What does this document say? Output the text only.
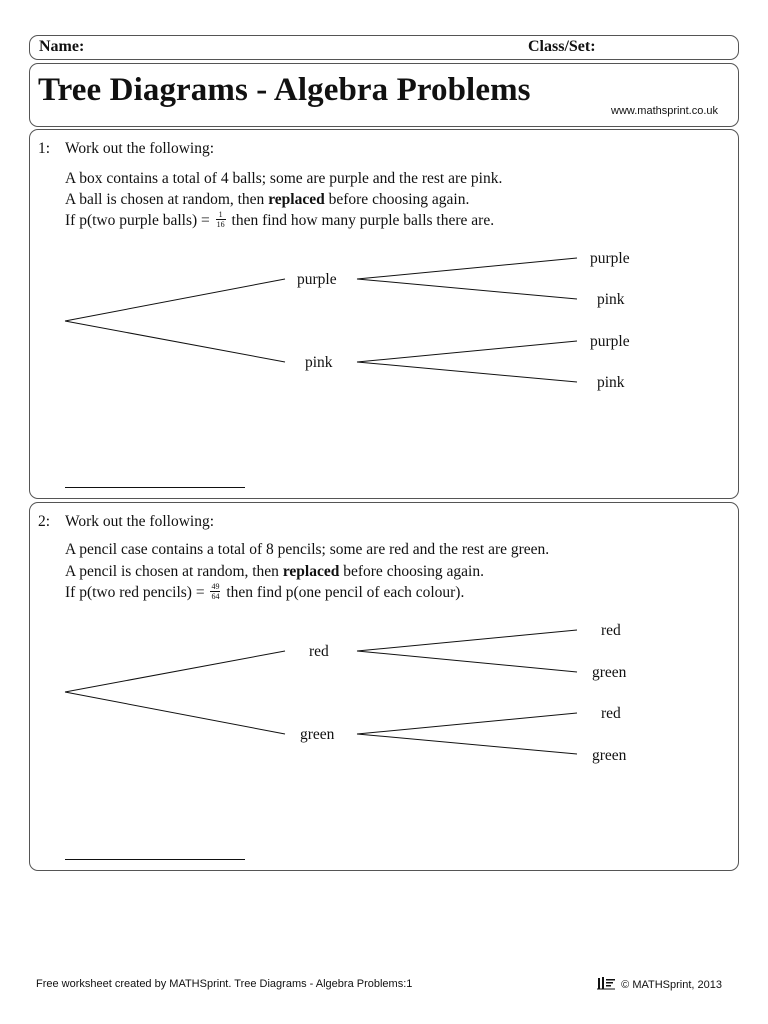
Name:	Class/Set:
Tree Diagrams - Algebra Problems
www.mathsprint.co.uk
1: Work out the following:
A box contains a total of 4 balls; some are purple and the rest are pink.
A ball is chosen at random, then replaced before choosing again.
If p(two purple balls) = $\frac{1}{16}$ then find how many purple balls there are.
purple
pink
purple
pink
purple
pink
2: Work out the following:
A pencil case contains a total of 8 pencils; some are red and the rest are green.
A pencil is chosen at random, then replaced before choosing again.
If p(two red pencils) = $\frac{49}{64}$ then find p(one pencil of each colour).
red
green
red
green
red
green
Free worksheet created by MATHSprint. Tree Diagrams - Algebra Problems:1	© MATHSprint, 2013
